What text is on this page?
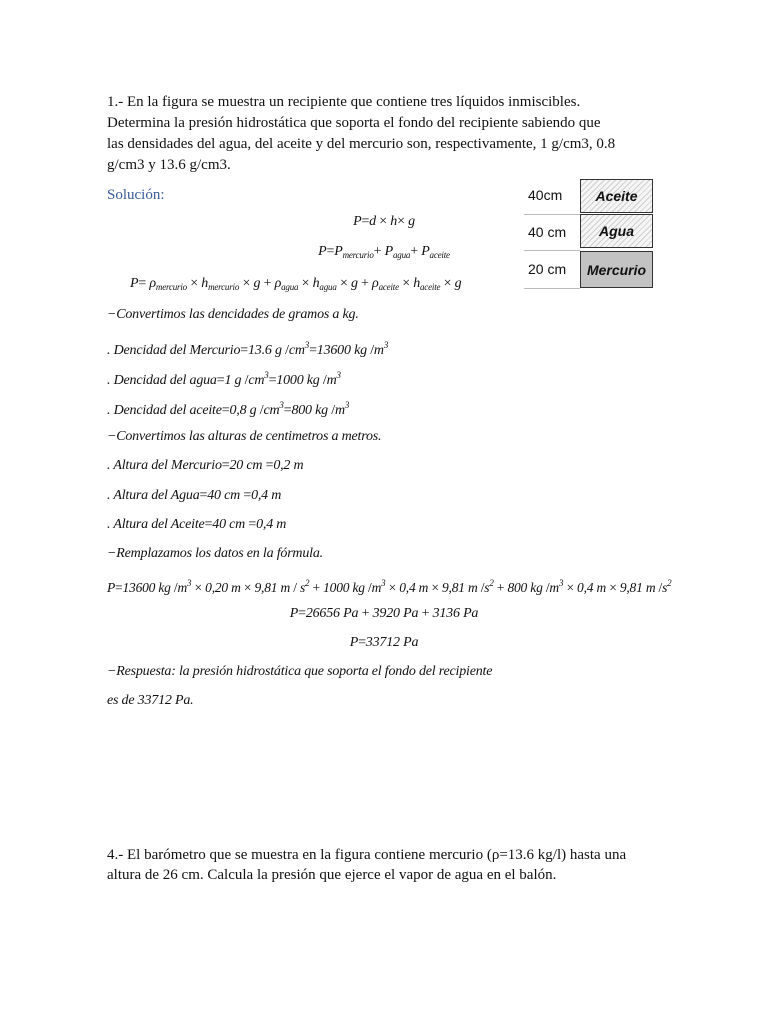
1.- En la figura se muestra un recipiente que contiene tres líquidos inmiscibles.
Determina la presión hidrostática que soporta el fondo del recipiente sabiendo que
las densidades del agua, del aceite y del mercurio son, respectivamente, 1 g/cm3, 0.8
g/cm3 y 13.6 g/cm3.
Solución:	40cm
40 cm
20 cm
Aceite
Agua
Mercurio
P=d × h× g
$P=P_{mercurio}+ P_{agua}+ P_{aceite}$
$P= \rho_{mercurio} \times h_{mercurio} \times g + \rho_{agua} \times h_{agua} \times g + \rho_{aceite} \times h_{aceite} \times g$
−Convertimos las dencidades de gramos a kg.
. Dencidad del Mercurio=13.6 g $/cm^3=13600$ kg $/m^3$
. Dencidad del agua=1 g $/cm^3=1000$ kg $/m^3$
. Dencidad del aceite=0,8 g $/cm^3=800$ kg $/m^3$
−Convertimos las alturas de centimetros a metros.
. Altura del Mercurio=20 cm =0,2 m
. Altura del Agua=40 cm =0,4 m
. Altura del Aceite=40 cm =0,4 m
−Remplazamos los datos en la fórmula.
P=13600 kg $/m^3 \times 0,20$ m × 9,81 $m / s^2 + 1000$ kg $/m^3 \times 0,4$ m × 9,81 m $/s^2 + 800$ kg $/m^3 \times 0,4$ m × 9,81 m $/s^2$
P=26656 Pa + 3920 Pa + 3136 Pa
P=33712 Pa
−Respuesta: la presión hidrostática que soporta el fondo del recipiente
es de 33712 Pa.
4.- El barómetro que se muestra en la figura contiene mercurio (ρ=13.6 kg/l) hasta una
altura de 26 cm. Calcula la presión que ejerce el vapor de agua en el balón.
